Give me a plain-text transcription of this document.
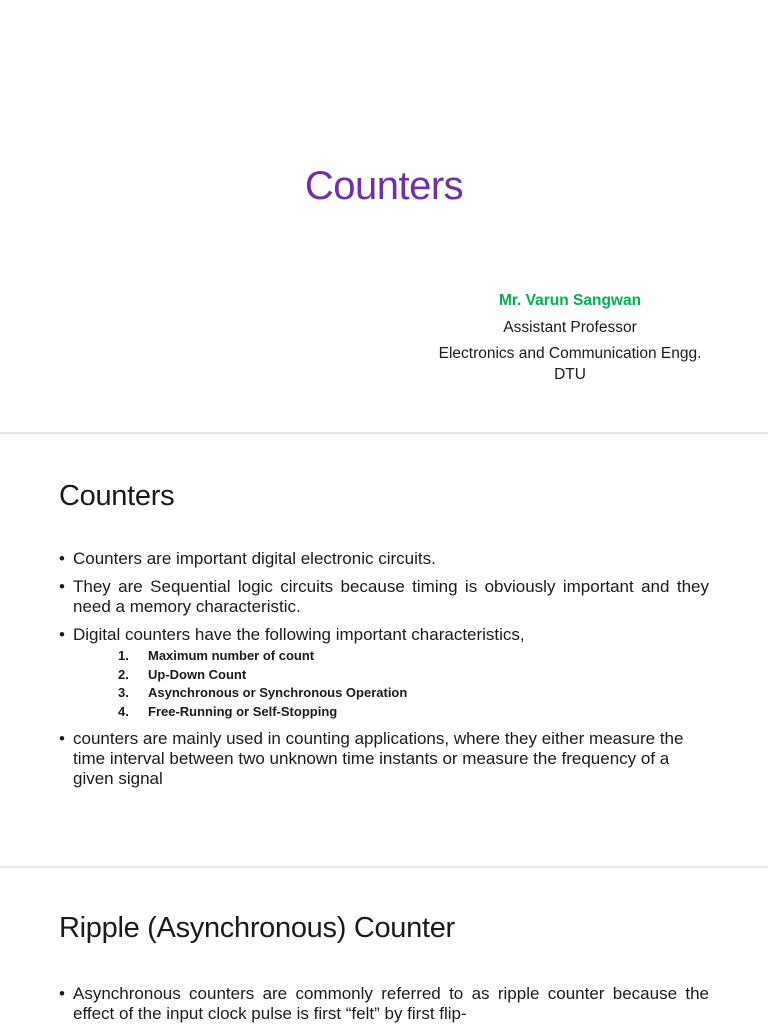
Counters
Mr. Varun Sangwan
Assistant Professor
Electronics and Communication Engg.
DTU
Counters
• Counters are important digital electronic circuits.
• They are Sequential logic circuits because timing is obviously important and they need a memory characteristic.
• Digital counters have the following important characteristics,
1. Maximum number of count
2. Up-Down Count
3. Asynchronous or Synchronous Operation
4. Free-Running or Self-Stopping
• counters are mainly used in counting applications, where they either measure the time interval between two unknown time instants or measure the frequency of a given signal
Ripple (Asynchronous) Counter
• Asynchronous counters are commonly referred to as ripple counter because the effect of the input clock pulse is first “felt” by first flip-
